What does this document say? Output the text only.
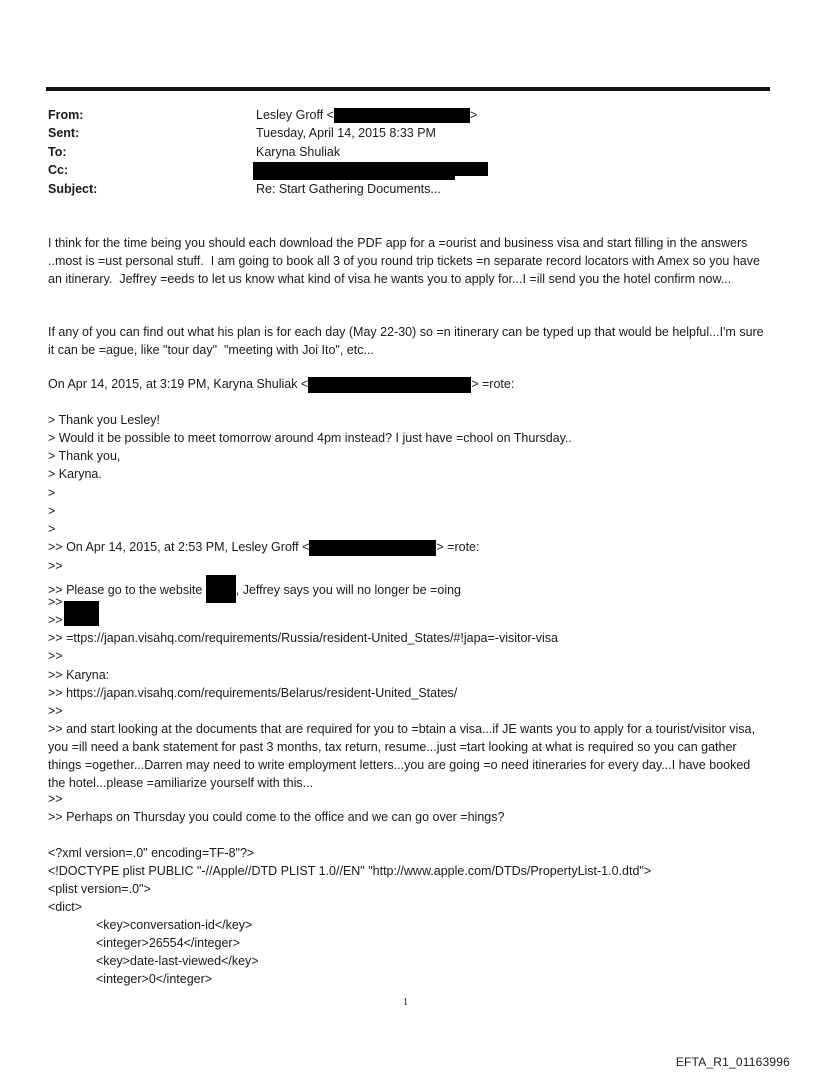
From:	Lesley Groff <	>
Sent:	Tuesday, April 14, 2015 8:33 PM
To:	Karyna Shuliak
Cc:
Subject:	Re: Start Gathering Documents...

I think for the time being you should each download the PDF app for a =ourist and business visa and start filling in the answers ..most is =ust personal stuff.  I am going to book all 3 of you round trip tickets =n separate record locators with Amex so you have an itinerary.  Jeffrey =eeds to let us know what kind of visa he wants you to apply for...I =ill send you the hotel confirm now...

If any of you can find out what his plan is for each day (May 22-30) so =n itinerary can be typed up that would be helpful...I'm sure it can be =ague, like "tour day"  "meeting with Joi Ito", etc...

On Apr 14, 2015, at 3:19 PM, Karyna Shuliak <	> =rote:
> Thank you Lesley!
> Would it be possible to meet tomorrow around 4pm instead? I just have =chool on Thursday..
> Thank you,
> Karyna.
>
>
>
>> On Apr 14, 2015, at 2:53 PM, Lesley Groff <	> =rote:
>>
>> Please go to the website , Jeffrey says you will no longer be =oing
>>
>>
>> =ttps://japan.visahq.com/requirements/Russia/resident-United_States/#!japa=-visitor-visa
>>
>> Karyna:
>> https://japan.visahq.com/requirements/Belarus/resident-United_States/
>>

>> and start looking at the documents that are required for you to =btain a visa...if JE wants you to apply for a tourist/visitor visa, you =ill need a bank statement for past 3 months, tax return, resume...just =tart looking at what is required so you can gather things =ogether...Darren may need to write employment letters...you are going =o need itineraries for every day...I have booked the hotel...please =amiliarize yourself with this...

>>
>> Perhaps on Thursday you could come to the office and we can go over =hings?
<?xml version=.0" encoding=TF-8"?>
<!DOCTYPE plist PUBLIC "-//Apple//DTD PLIST 1.0//EN" "http://www.apple.com/DTDs/PropertyList-1.0.dtd">
<plist version=.0">
<dict>
<key>conversation-id</key>
<integer>26554</integer>
<key>date-last-viewed</key>
<integer>0</integer>
1
EFTA_R1_01163996
